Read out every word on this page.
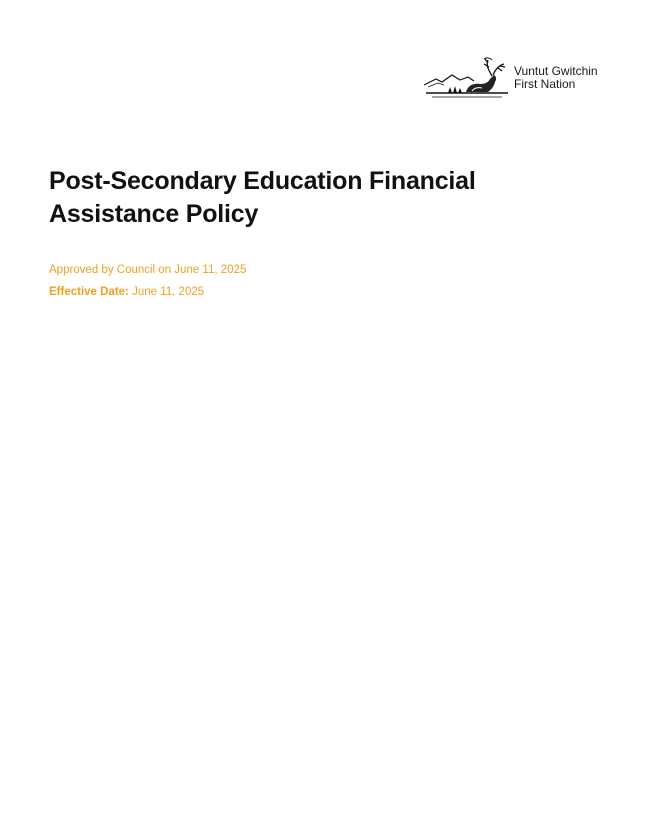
Vuntut Gwitchin
First Nation
Post-Secondary Education Financial Assistance Policy
Approved by Council on June 11, 2025
Effective Date: June 11, 2025
